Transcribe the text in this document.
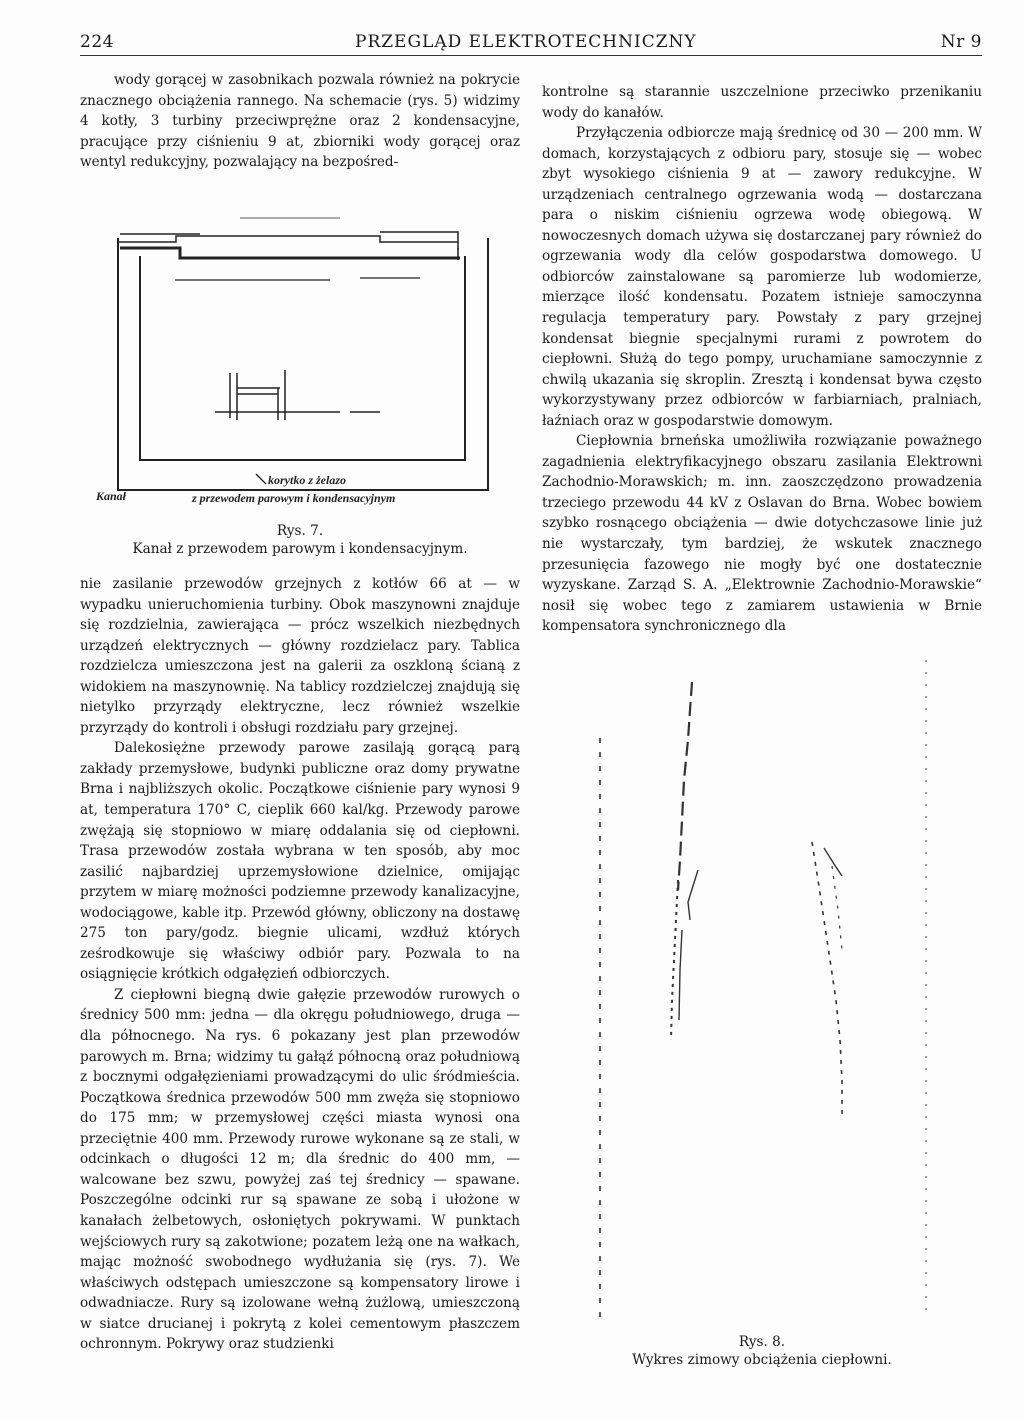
224	PRZEGLĄD ELEKTROTECHNICZNY	Nr 9

wody gorącej w zasobnikach pozwala również na pokrycie znacznego obciążenia rannego. Na schemacie (rys. 5) widzimy 4 kotły, 3 turbiny przeciwprężne oraz 2 kondensacyjne, pracujące przy ciśnieniu 9 at, zbiorniki wody gorącej oraz wentyl redukcyjny, pozwalający na bezpośred-

korytko z żelazo
Kanał	z przewodem parowym i kondensacyjnym
Rys. 7.
Kanał z przewodem parowym i kondensacyjnym.

nie zasilanie przewodów grzejnych z kotłów 66 at — w wypadku unieruchomienia turbiny. Obok maszynowni znajduje się rozdzielnia, zawierająca — prócz wszelkich niezbędnych urządzeń elektrycznych — główny rozdzielacz pary. Tablica rozdzielcza umieszczona jest na galerii za oszkloną ścianą z widokiem na maszynownię. Na tablicy rozdzielczej znajdują się nietylko przyrządy elektryczne, lecz również wszelkie przyrządy do kontroli i obsługi rozdziału pary grzejnej.

Dalekosiężne przewody parowe zasilają gorącą parą zakłady przemysłowe, budynki publiczne oraz domy prywatne Brna i najbliższych okolic. Początkowe ciśnienie pary wynosi 9 at, temperatura 170° C, cieplik 660 kal/kg. Przewody parowe zwężają się stopniowo w miarę oddalania się od ciepłowni. Trasa przewodów została wybrana w ten sposób, aby moc zasilić najbardziej uprzemysłowione dzielnice, omijając przytem w miarę możności podziemne przewody kanalizacyjne, wodociągowe, kable itp. Przewód główny, obliczony na dostawę 275 ton pary/godz. biegnie ulicami, wzdłuż których ześrodkowuje się właściwy odbiór pary. Pozwala to na osiągnięcie krótkich odgałęzień odbiorczych.

Z ciepłowni biegną dwie gałęzie przewodów rurowych o średnicy 500 mm: jedna — dla okręgu południowego, druga — dla północnego. Na rys. 6 pokazany jest plan przewodów parowych m. Brna; widzimy tu gałąź północną oraz południową z bocznymi odgałęzieniami prowadzącymi do ulic śródmieścia. Początkowa średnica przewodów 500 mm zwęża się stopniowo do 175 mm; w przemysłowej części miasta wynosi ona przeciętnie 400 mm. Przewody rurowe wykonane są ze stali, w odcinkach o długości 12 m; dla średnic do 400 mm, — walcowane bez szwu, powyżej zaś tej średnicy — spawane. Poszczególne odcinki rur są spawane ze sobą i ułożone w kanałach żelbetowych, osłoniętych pokrywami. W punktach wejściowych rury są zakotwione; pozatem leżą one na wałkach, mając możność swobodnego wydłużania się (rys. 7). We właściwych odstępach umieszczone są kompensatory lirowe i odwadniacze. Rury są izolowane wełną żużlową, umieszczoną w siatce drucianej i pokrytą z kolei cementowym płaszczem ochronnym. Pokrywy oraz studzienki

kontrolne są starannie uszczelnione przeciwko przenikaniu wody do kanałów.

Przyłączenia odbiorcze mają średnicę od 30 — 200 mm. W domach, korzystających z odbioru pary, stosuje się — wobec zbyt wysokiego ciśnienia 9 at — zawory redukcyjne. W urządzeniach centralnego ogrzewania wodą — dostarczana para o niskim ciśnieniu ogrzewa wodę obiegową. W nowoczesnych domach używa się dostarczanej pary również do ogrzewania wody dla celów gospodarstwa domowego. U odbiorców zainstalowane są paromierze lub wodomierze, mierzące ilość kondensatu. Pozatem istnieje samoczynna regulacja temperatury pary. Powstały z pary grzejnej kondensat biegnie specjalnymi rurami z powrotem do ciepłowni. Służą do tego pompy, uruchamiane samoczynnie z chwilą ukazania się skroplin. Zresztą i kondensat bywa często wykorzystywany przez odbiorców w farbiarniach, pralniach, łaźniach oraz w gospodarstwie domowym.

Ciepłownia brneńska umożliwiła rozwiązanie poważnego zagadnienia elektryfikacyjnego obszaru zasilania Elektrowni Zachodnio-Morawskich; m. inn. zaoszczędzono prowadzenia trzeciego przewodu 44 kV z Oslavan do Brna. Wobec bowiem szybko rosnącego obciążenia — dwie dotychczasowe linie już nie wystarczały, tym bardziej, że wskutek znacznego przesunięcia fazowego nie mogły być one dostatecznie wyzyskane. Zarząd S. A. „Elektrownie Zachodnio-Morawskie“ nosił się wobec tego z zamiarem ustawienia w Brnie kompensatora synchronicznego dla

Rys. 8.
Wykres zimowy obciążenia ciepłowni.
